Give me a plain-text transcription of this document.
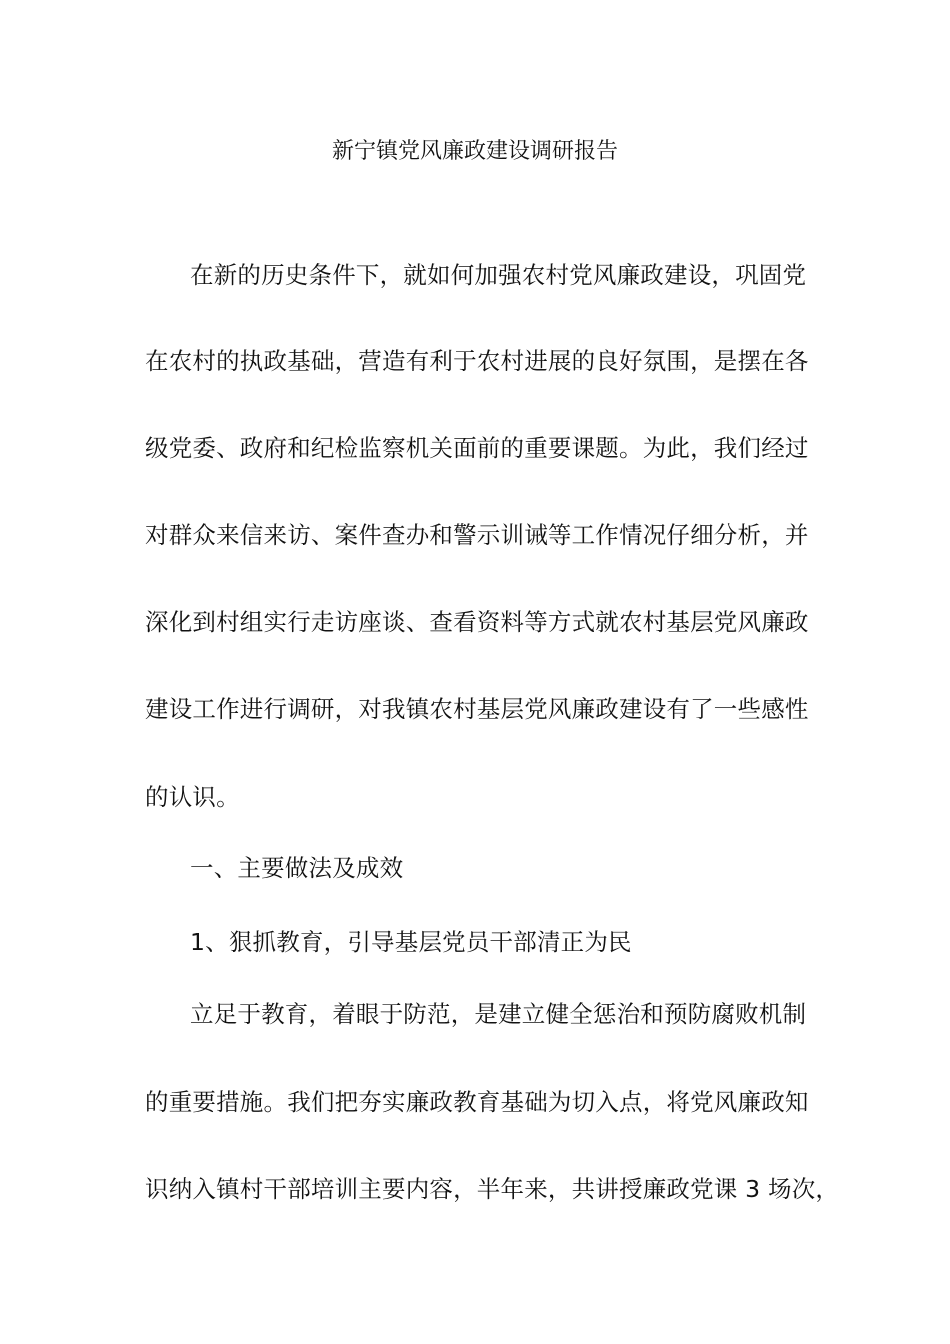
新宁镇党风廉政建设调研报告
在新的历史条件下，就如何加强农村党风廉政建设，巩固党
在农村的执政基础，营造有利于农村进展的良好氛围，是摆在各
级党委、政府和纪检监察机关面前的重要课题。为此，我们经过
对群众来信来访、案件查办和警示训诫等工作情况仔细分析，并
深化到村组实行走访座谈、查看资料等方式就农村基层党风廉政
建设工作进行调研，对我镇农村基层党风廉政建设有了一些感性
的认识。
一、主要做法及成效
1、狠抓教育，引导基层党员干部清正为民
立足于教育，着眼于防范，是建立健全惩治和预防腐败机制
的重要措施。我们把夯实廉政教育基础为切入点，将党风廉政知
识纳入镇村干部培训主要内容，半年来，共讲授廉政党课 3 场次，
